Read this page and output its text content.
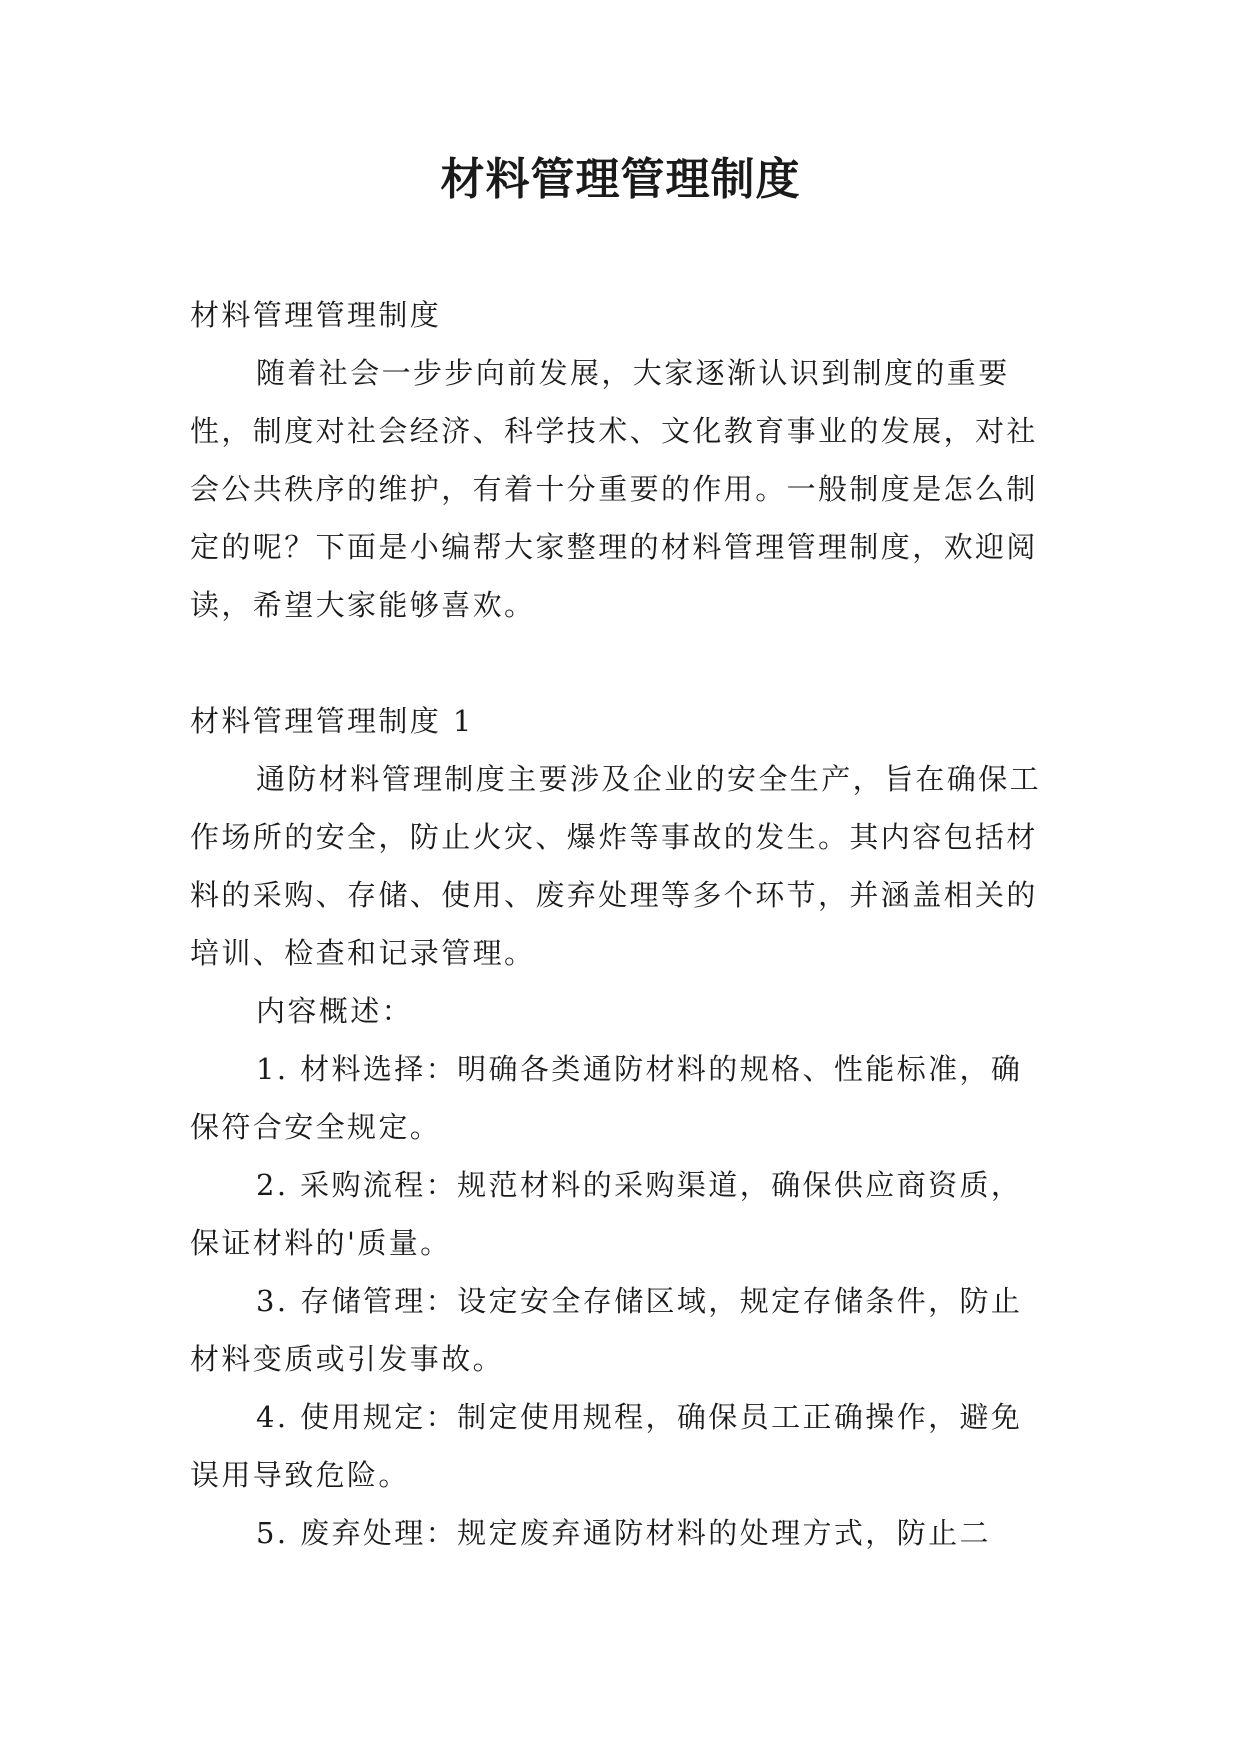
材料管理管理制度

材料管理管理制度

随着社会一步步向前发展，大家逐渐认识到制度的重要性，制度对社会经济、科学技术、文化教育事业的发展，对社会公共秩序的维护，有着十分重要的作用。一般制度是怎么制定的呢？下面是小编帮大家整理的材料管理管理制度，欢迎阅读，希望大家能够喜欢。

材料管理管理制度 1

通防材料管理制度主要涉及企业的安全生产，旨在确保工作场所的安全，防止火灾、爆炸等事故的发生。其内容包括材料的采购、存储、使用、废弃处理等多个环节，并涵盖相关的培训、检查和记录管理。

内容概述：

1. 材料选择：明确各类通防材料的规格、性能标准，确保符合安全规定。

2. 采购流程：规范材料的采购渠道，确保供应商资质，保证材料的'质量。

3. 存储管理：设定安全存储区域，规定存储条件，防止材料变质或引发事故。

4. 使用规定：制定使用规程，确保员工正确操作，避免误用导致危险。

5. 废弃处理：规定废弃通防材料的处理方式，防止二
